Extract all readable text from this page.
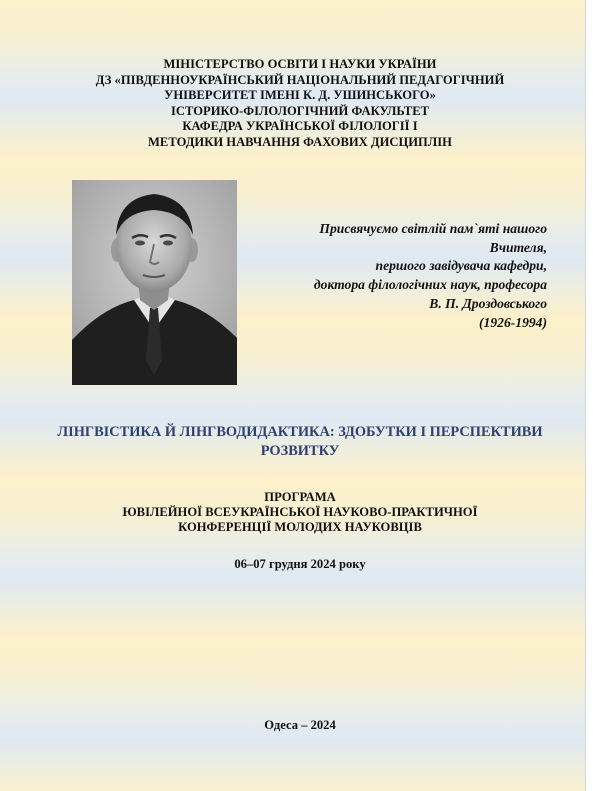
МІНІСТЕРСТВО ОСВІТИ І НАУКИ УКРАЇНИ
ДЗ «ПІВДЕННОУКРАЇНСЬКИЙ НАЦІОНАЛЬНИЙ ПЕДАГОГІЧНИЙ
УНІВЕРСИТЕТ ІМЕНІ К. Д. УШИНСЬКОГО»
ІСТОРИКО-ФІЛОЛОГІЧНИЙ ФАКУЛЬТЕТ
КАФЕДРА УКРАЇНСЬКОЇ ФІЛОЛОГІЇ І
МЕТОДИКИ НАВЧАННЯ ФАХОВИХ ДИСЦИПЛІН
Присвячуємо світлій пам`яті нашого
Вчителя,
першого завідувача кафедри,
доктора філологічних наук, професора
В. П. Дроздовського
(1926-1994)
ЛІНГВІСТИКА Й ЛІНГВОДИДАКТИКА: ЗДОБУТКИ І ПЕРСПЕКТИВИ РОЗВИТКУ
ПРОГРАМА
ЮВІЛЕЙНОЇ ВСЕУКРАЇНСЬКОЇ НАУКОВО-ПРАКТИЧНОЇ
КОНФЕРЕНЦІЇ МОЛОДИХ НАУКОВЦІВ
06–07 грудня 2024 року
Одеса – 2024
